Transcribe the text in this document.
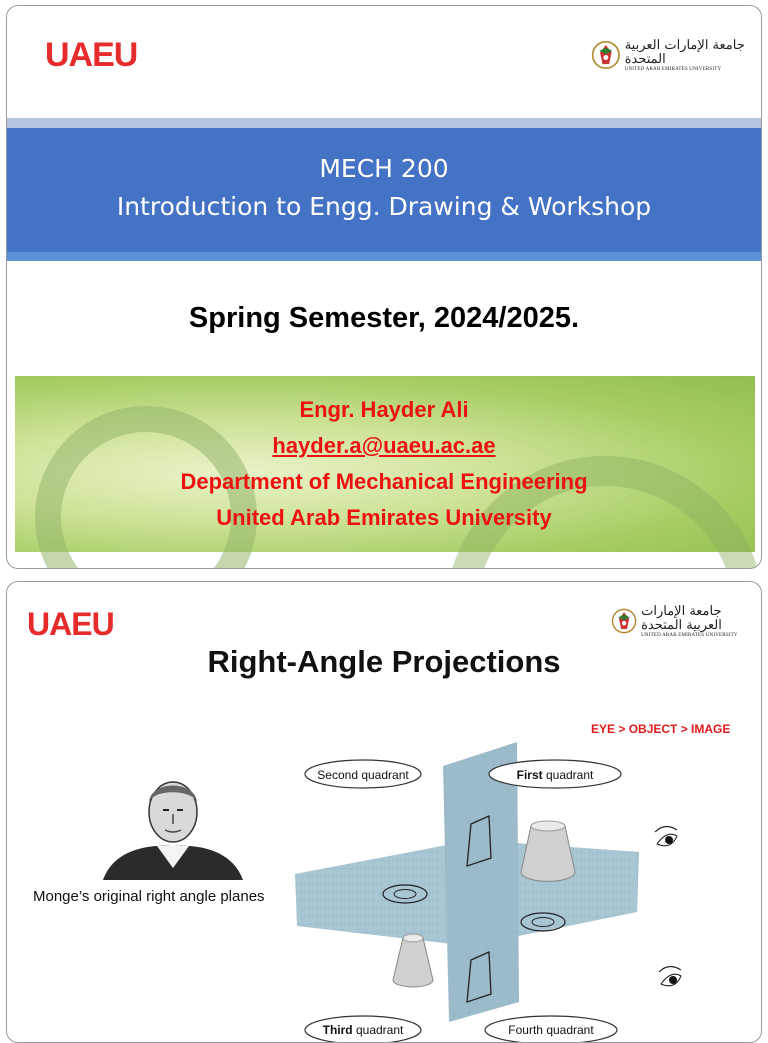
UAEU	جامعة الإمارات العربية المتحدة
UNITED ARAB EMIRATES UNIVERSITY
MECH 200
Introduction to Engg. Drawing & Workshop
Spring Semester, 2024/2025.
Engr. Hayder Ali
hayder.a@uaeu.ac.ae
Department of Mechanical Engineering
United Arab Emirates University
UAEU	جامعة الإمارات العربية المتحدة
UNITED ARAB EMIRATES UNIVERSITY
Right-Angle Projections
EYE > OBJECT > IMAGE
Monge’s original right angle planes
Second quadrant	First quadrant
Third quadrant	Fourth quadrant
